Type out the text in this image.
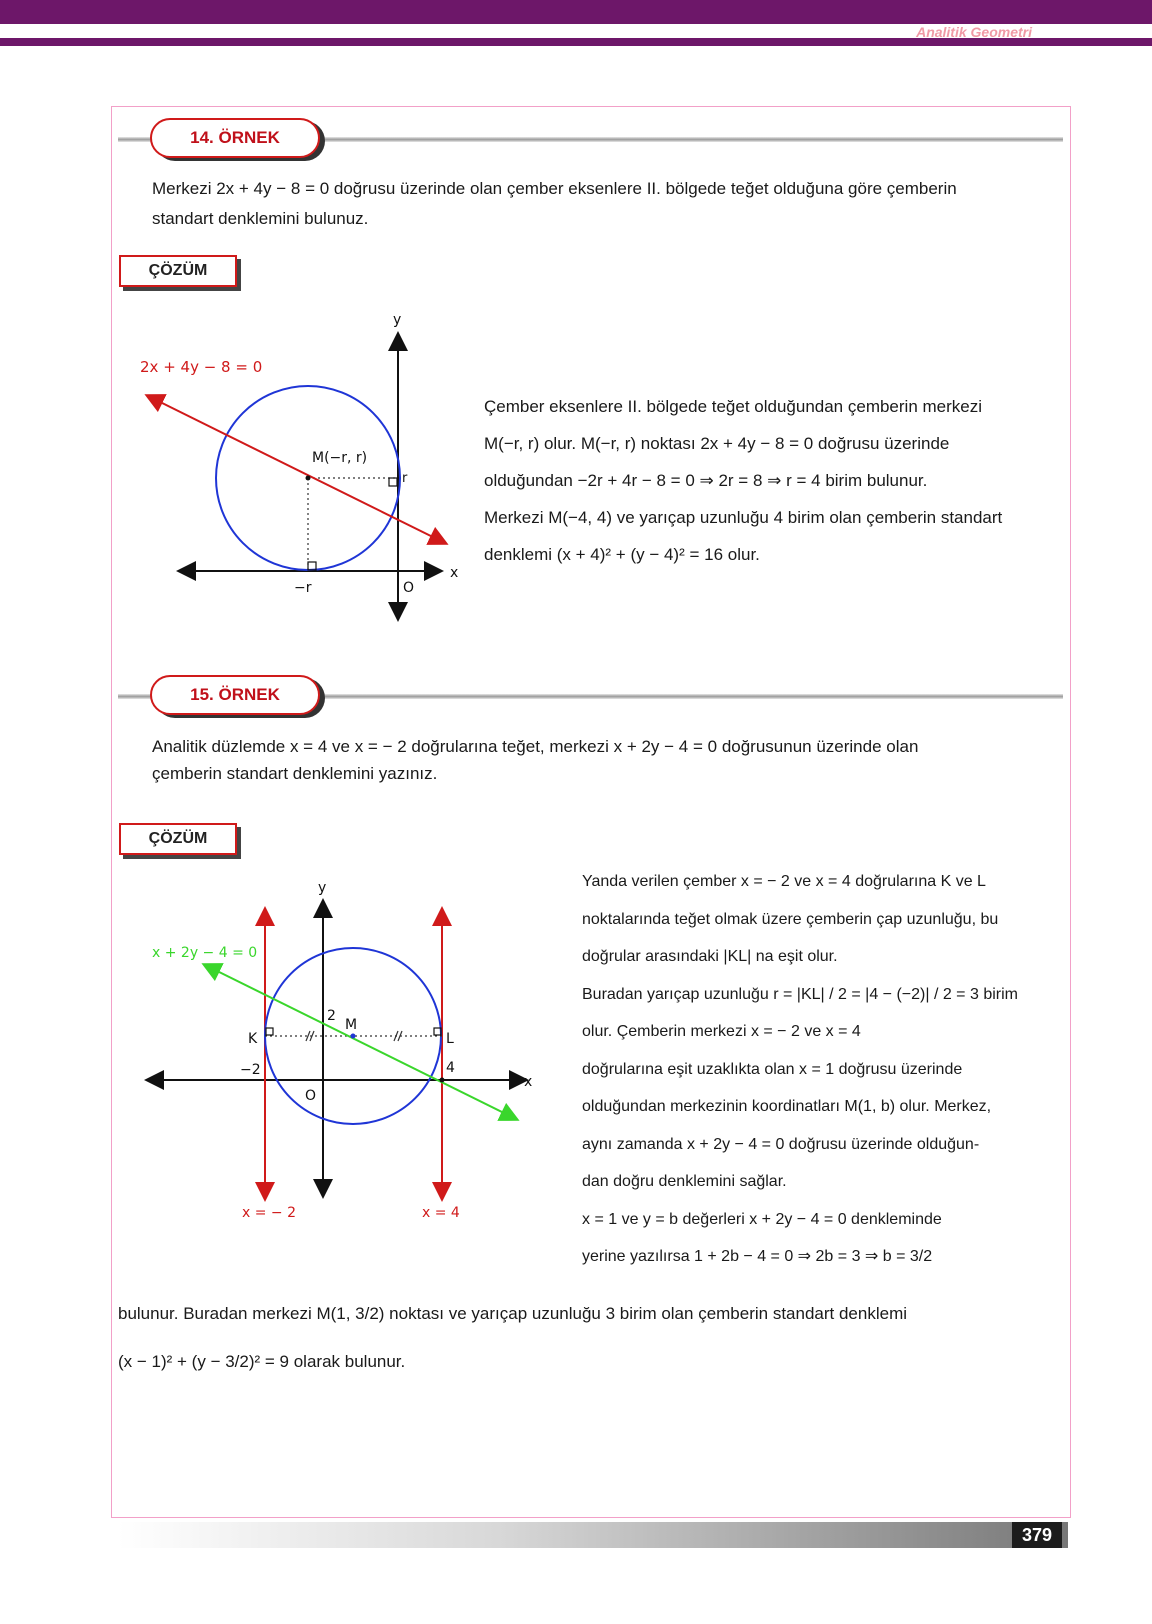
Analitik Geometri
14. ÖRNEK
Merkezi 2x + 4y − 8 = 0 doğrusu üzerinde olan çember eksenlere II. bölgede teğet olduğuna göre çemberin
standart denklemini bulunuz.
ÇÖZÜM
2x + 4y − 8 = 0
M(−r, r)
r
−r	O
x
y
Çember eksenlere II. bölgede teğet olduğundan çemberin merkezi
M(−r, r) olur. M(−r, r) noktası 2x + 4y − 8 = 0 doğrusu üzerinde
olduğundan −2r + 4r − 8 = 0 ⇒ 2r = 8 ⇒ r = 4 birim bulunur.
Merkezi M(−4, 4) ve yarıçap uzunluğu 4 birim olan çemberin standart
denklemi (x + 4)² + (y − 4)² = 16 olur.
15. ÖRNEK
Analitik düzlemde x = 4 ve x = − 2 doğrularına teğet, merkezi x + 2y − 4 = 0 doğrusunun üzerinde olan
çemberin standart denklemini yazınız.
ÇÖZÜM
x + 2y − 4 = 0
x = − 2	x = 4
K	L
M
2
−2	4
O
x
y	Yanda verilen çember x = − 2 ve x = 4 doğrularına K ve L
noktalarında teğet olmak üzere çemberin çap uzunluğu, bu
doğrular arasındaki |KL| na eşit olur.
Buradan yarıçap uzunluğu r = |KL| / 2 = |4 − (−2)| / 2 = 3 birim
olur. Çemberin merkezi x = − 2 ve x = 4
doğrularına eşit uzaklıkta olan x = 1 doğrusu üzerinde
olduğundan merkezinin koordinatları M(1, b) olur. Merkez,
aynı zamanda x + 2y − 4 = 0 doğrusu üzerinde olduğun-
dan doğru denklemini sağlar.
x = 1 ve y = b değerleri x + 2y − 4 = 0 denkleminde
yerine yazılırsa 1 + 2b − 4 = 0 ⇒ 2b = 3 ⇒ b = 3/2
bulunur. Buradan merkezi M(1, 3/2) noktası ve yarıçap uzunluğu 3 birim olan çemberin standart denklemi
(x − 1)² + (y − 3/2)² = 9 olarak bulunur.
379
